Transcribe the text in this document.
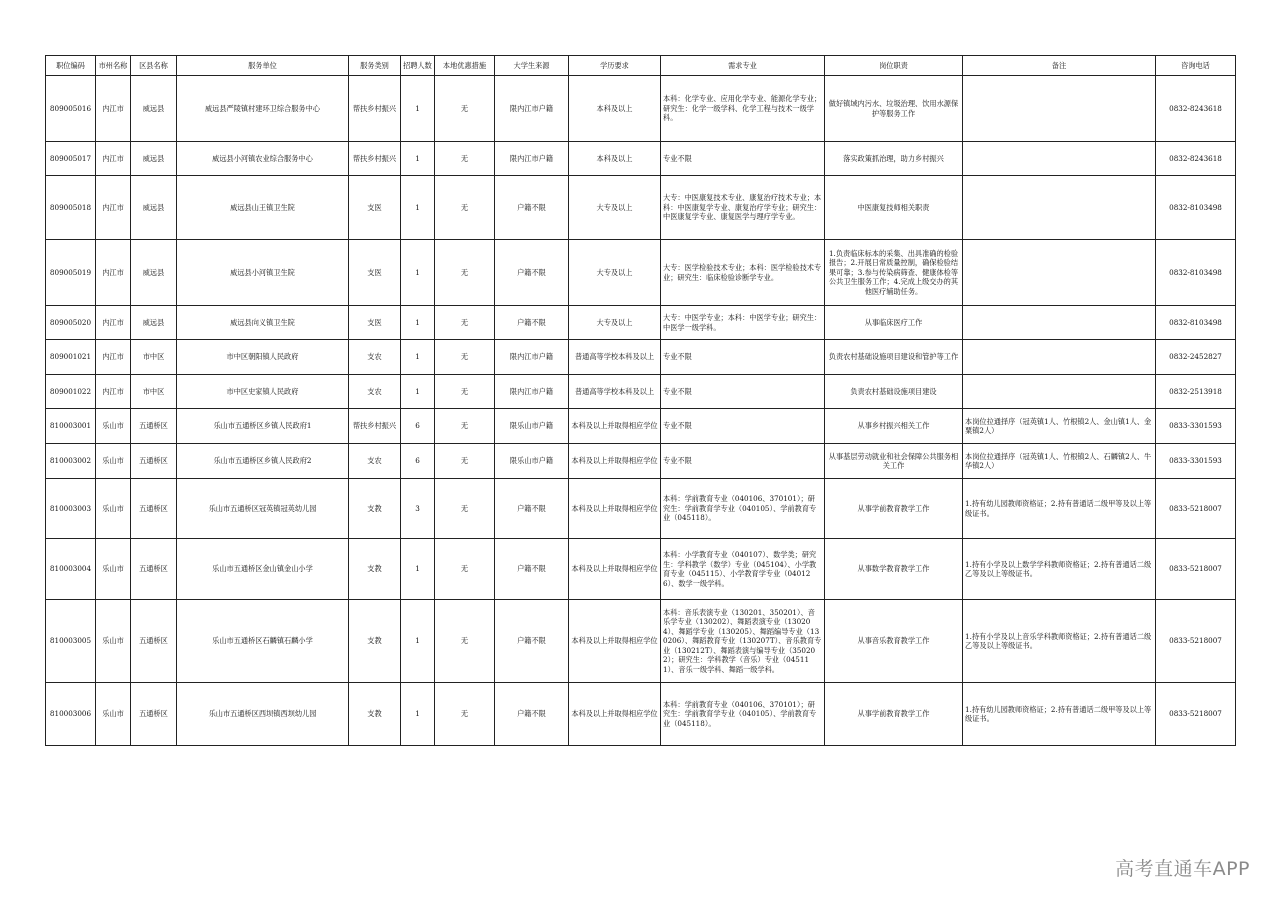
职位编码	市州名称	区县名称	服务单位	服务类别	招聘人数	本地优惠措施	大学生来源	学历要求	需求专业	岗位职责	备注	咨询电话
809005016	内江市	威远县	威远县严陵镇村建环卫综合服务中心	帮扶乡村振兴	1	无	限内江市户籍	本科及以上	本科：化学专业、应用化学专业、能源化学专业；研究生：化学一级学科、化学工程与技术一级学科。	做好镇域内污水、垃圾治理、饮用水源保护等服务工作		0832-8243618
809005017	内江市	威远县	威远县小河镇农业综合服务中心	帮扶乡村振兴	1	无	限内江市户籍	本科及以上	专业不限	落实政策抓治理，助力乡村振兴		0832-8243618
809005018	内江市	威远县	威远县山王镇卫生院	支医	1	无	户籍不限	大专及以上	大专：中医康复技术专业、康复治疗技术专业；本科：中医康复学专业、康复治疗学专业；研究生：中医康复学专业、康复医学与理疗学专业。	中医康复技师相关职责		0832-8103498
809005019	内江市	威远县	威远县小河镇卫生院	支医	1	无	户籍不限	大专及以上	大专：医学检验技术专业；本科：医学检验技术专业；研究生：临床检验诊断学专业。	1.负责临床标本的采集、出具准确的检验报告；2.开展日常质量控制，确保检验结果可靠；3.参与传染病筛查、健康体检等公共卫生服务工作；4.完成上级交办的其他医疗辅助任务。		0832-8103498
809005020	内江市	威远县	威远县向义镇卫生院	支医	1	无	户籍不限	大专及以上	大专：中医学专业；本科：中医学专业；研究生：中医学一级学科。	从事临床医疗工作		0832-8103498
809001021	内江市	市中区	市中区朝阳镇人民政府	支农	1	无	限内江市户籍	普通高等学校本科及以上	专业不限	负责农村基础设施项目建设和管护等工作		0832-2452827
809001022	内江市	市中区	市中区史家镇人民政府	支农	1	无	限内江市户籍	普通高等学校本科及以上	专业不限	负责农村基础设施项目建设		0832-2513918
810003001	乐山市	五通桥区	乐山市五通桥区乡镇人民政府1	帮扶乡村振兴	6	无	限乐山市户籍	本科及以上并取得相应学位	专业不限	从事乡村振兴相关工作	本岗位拉通择序（冠英镇1人、竹根镇2人、金山镇1人、金粟镇2人）	0833-3301593
810003002	乐山市	五通桥区	乐山市五通桥区乡镇人民政府2	支农	6	无	限乐山市户籍	本科及以上并取得相应学位	专业不限	从事基层劳动就业和社会保障公共服务相关工作	本岗位拉通择序（冠英镇1人、竹根镇2人、石麟镇2人、牛华镇2人）	0833-3301593
810003003	乐山市	五通桥区	乐山市五通桥区冠英镇冠英幼儿园	支教	3	无	户籍不限	本科及以上并取得相应学位	本科：学前教育专业（040106、370101）；研究生：学前教育学专业（040105）、学前教育专业（045118）。	从事学前教育教学工作	1.持有幼儿园教师资格证；2.持有普通话二级甲等及以上等级证书。	0833-5218007
810003004	乐山市	五通桥区	乐山市五通桥区金山镇金山小学	支教	1	无	户籍不限	本科及以上并取得相应学位	本科：小学教育专业（040107）、数学类；研究生：学科教学（数学）专业（045104）、小学教育专业（045115）、小学教育学专业（040126）、数学一级学科。	从事数学教育教学工作	1.持有小学及以上数学学科教师资格证；2.持有普通话二级乙等及以上等级证书。	0833-5218007
810003005	乐山市	五通桥区	乐山市五通桥区石麟镇石麟小学	支教	1	无	户籍不限	本科及以上并取得相应学位	本科：音乐表演专业（130201、350201）、音乐学专业（130202）、舞蹈表演专业（130204）、舞蹈学专业（130205）、舞蹈编导专业（130206）、舞蹈教育专业（130207T）、音乐教育专业（130212T）、舞蹈表演与编导专业（350202）；研究生：学科教学（音乐）专业（045111）、音乐一级学科、舞蹈一级学科。	从事音乐教育教学工作	1.持有小学及以上音乐学科教师资格证；2.持有普通话二级乙等及以上等级证书。	0833-5218007
810003006	乐山市	五通桥区	乐山市五通桥区西坝镇西坝幼儿园	支教	1	无	户籍不限	本科及以上并取得相应学位	本科：学前教育专业（040106、370101）；研究生：学前教育学专业（040105）、学前教育专业（045118）。	从事学前教育教学工作	1.持有幼儿园教师资格证；2.持有普通话二级甲等及以上等级证书。	0833-5218007
高考直通车APP
